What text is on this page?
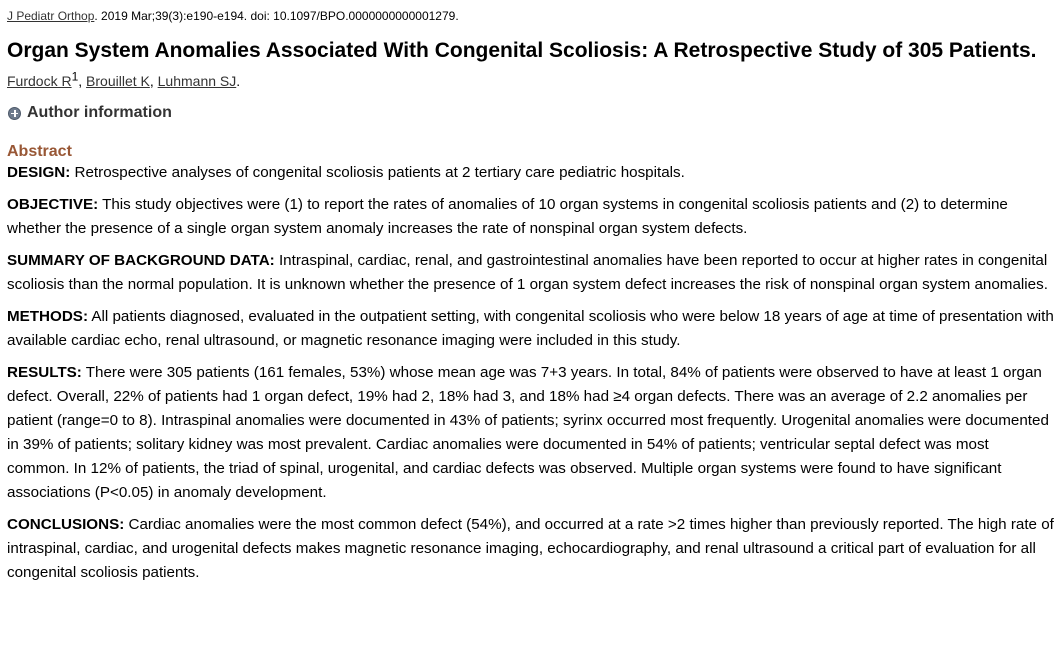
J Pediatr Orthop. 2019 Mar;39(3):e190-e194. doi: 10.1097/BPO.0000000000001279.
Organ System Anomalies Associated With Congenital Scoliosis: A Retrospective Study of 305 Patients.
Furdock $R^1$, Brouillet K, Luhmann SJ.
Author information
Abstract

DESIGN: Retrospective analyses of congenital scoliosis patients at 2 tertiary care pediatric hospitals.

OBJECTIVE: This study objectives were (1) to report the rates of anomalies of 10 organ systems in congenital scoliosis patients and (2) to determine whether the presence of a single organ system anomaly increases the rate of nonspinal organ system defects.

SUMMARY OF BACKGROUND DATA: Intraspinal, cardiac, renal, and gastrointestinal anomalies have been reported to occur at higher rates in congenital scoliosis than the normal population. It is unknown whether the presence of 1 organ system defect increases the risk of nonspinal organ system anomalies.

METHODS: All patients diagnosed, evaluated in the outpatient setting, with congenital scoliosis who were below 18 years of age at time of presentation with available cardiac echo, renal ultrasound, or magnetic resonance imaging were included in this study.

RESULTS: There were 305 patients (161 females, 53%) whose mean age was 7+3 years. In total, 84% of patients were observed to have at least 1 organ defect. Overall, 22% of patients had 1 organ defect, 19% had 2, 18% had 3, and 18% had ≥4 organ defects. There was an average of 2.2 anomalies per patient (range=0 to 8). Intraspinal anomalies were documented in 43% of patients; syrinx occurred most frequently. Urogenital anomalies were documented in 39% of patients; solitary kidney was most prevalent. Cardiac anomalies were documented in 54% of patients; ventricular septal defect was most common. In 12% of patients, the triad of spinal, urogenital, and cardiac defects was observed. Multiple organ systems were found to have significant associations (P<0.05) in anomaly development.

CONCLUSIONS: Cardiac anomalies were the most common defect (54%), and occurred at a rate >2 times higher than previously reported. The high rate of intraspinal, cardiac, and urogenital defects makes magnetic resonance imaging, echocardiography, and renal ultrasound a critical part of evaluation for all congenital scoliosis patients.
